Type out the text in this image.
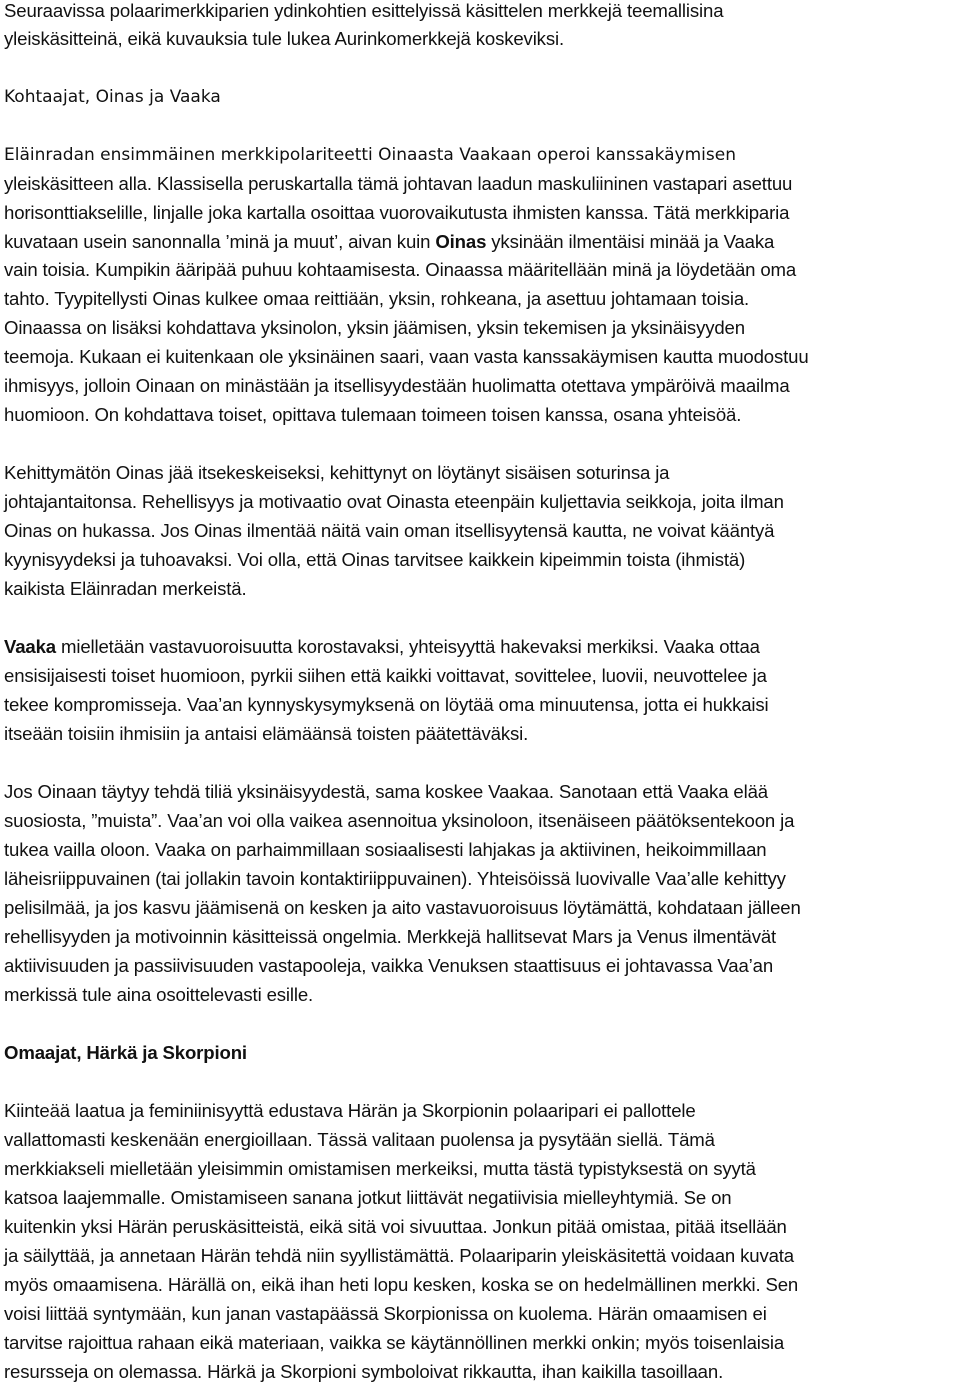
Seuraavissa polaarimerkkiparien ydinkohtien esittelyissä käsittelen merkkejä teemallisina

yleiskäsitteinä, eikä kuvauksia tule lukea Aurinkomerkkejä koskeviksi.

Kohtaajat, Oinas ja Vaaka

Eläinradan ensimmäinen merkkipolariteetti Oinaasta Vaakaan operoi kanssakäymisen

yleiskäsitteen alla. Klassisella peruskartalla tämä johtavan laadun maskuliininen vastapari asettuu

horisonttiakselille, linjalle joka kartalla osoittaa vuorovaikutusta ihmisten kanssa. Tätä merkkiparia

kuvataan usein sanonnalla ’minä ja muut’, aivan kuin Oinas yksinään ilmentäisi minää ja Vaaka

vain toisia. Kumpikin ääripää puhuu kohtaamisesta. Oinaassa määritellään minä ja löydetään oma

tahto. Tyypitellysti Oinas kulkee omaa reittiään, yksin, rohkeana, ja asettuu johtamaan toisia.

Oinaassa on lisäksi kohdattava yksinolon, yksin jäämisen, yksin tekemisen ja yksinäisyyden

teemoja. Kukaan ei kuitenkaan ole yksinäinen saari, vaan vasta kanssakäymisen kautta muodostuu

ihmisyys, jolloin Oinaan on minästään ja itsellisyydestään huolimatta otettava ympäröivä maailma

huomioon. On kohdattava toiset, opittava tulemaan toimeen toisen kanssa, osana yhteisöä.

Kehittymätön Oinas jää itsekeskeiseksi, kehittynyt on löytänyt sisäisen soturinsa ja

johtajantaitonsa. Rehellisyys ja motivaatio ovat Oinasta eteenpäin kuljettavia seikkoja, joita ilman

Oinas on hukassa. Jos Oinas ilmentää näitä vain oman itsellisyytensä kautta, ne voivat kääntyä

kyynisyydeksi ja tuhoavaksi. Voi olla, että Oinas tarvitsee kaikkein kipeimmin toista (ihmistä)

kaikista Eläinradan merkeistä.

Vaaka mielletään vastavuoroisuutta korostavaksi, yhteisyyttä hakevaksi merkiksi. Vaaka ottaa

ensisijaisesti toiset huomioon, pyrkii siihen että kaikki voittavat, sovittelee, luovii, neuvottelee ja

tekee kompromisseja. Vaa’an kynnyskysymyksenä on löytää oma minuutensa, jotta ei hukkaisi

itseään toisiin ihmisiin ja antaisi elämäänsä toisten päätettäväksi.

Jos Oinaan täytyy tehdä tiliä yksinäisyydestä, sama koskee Vaakaa. Sanotaan että Vaaka elää

suosiosta, ”muista”. Vaa’an voi olla vaikea asennoitua yksinoloon, itsenäiseen päätöksentekoon ja

tukea vailla oloon. Vaaka on parhaimmillaan sosiaalisesti lahjakas ja aktiivinen, heikoimmillaan

läheisriippuvainen (tai jollakin tavoin kontaktiriippuvainen). Yhteisöissä luovivalle Vaa’alle kehittyy

pelisilmää, ja jos kasvu jäämisenä on kesken ja aito vastavuoroisuus löytämättä, kohdataan jälleen

rehellisyyden ja motivoinnin käsitteissä ongelmia. Merkkejä hallitsevat Mars ja Venus ilmentävät

aktiivisuuden ja passiivisuuden vastapooleja, vaikka Venuksen staattisuus ei johtavassa Vaa’an

merkissä tule aina osoittelevasti esille.

Omaajat, Härkä ja Skorpioni

Kiinteää laatua ja feminiinisyyttä edustava Härän ja Skorpionin polaaripari ei pallottele

vallattomasti keskenään energioillaan. Tässä valitaan puolensa ja pysytään siellä. Tämä

merkkiakseli mielletään yleisimmin omistamisen merkeiksi, mutta tästä typistyksestä on syytä

katsoa laajemmalle. Omistamiseen sanana jotkut liittävät negatiivisia mielleyhtymiä. Se on

kuitenkin yksi Härän peruskäsitteistä, eikä sitä voi sivuuttaa. Jonkun pitää omistaa, pitää itsellään

ja säilyttää, ja annetaan Härän tehdä niin syyllistämättä. Polaariparin yleiskäsitettä voidaan kuvata

myös omaamisena. Härällä on, eikä ihan heti lopu kesken, koska se on hedelmällinen merkki. Sen

voisi liittää syntymään, kun janan vastapäässä Skorpionissa on kuolema. Härän omaamisen ei

tarvitse rajoittua rahaan eikä materiaan, vaikka se käytännöllinen merkki onkin; myös toisenlaisia

resursseja on olemassa. Härkä ja Skorpioni symboloivat rikkautta, ihan kaikilla tasoillaan.
